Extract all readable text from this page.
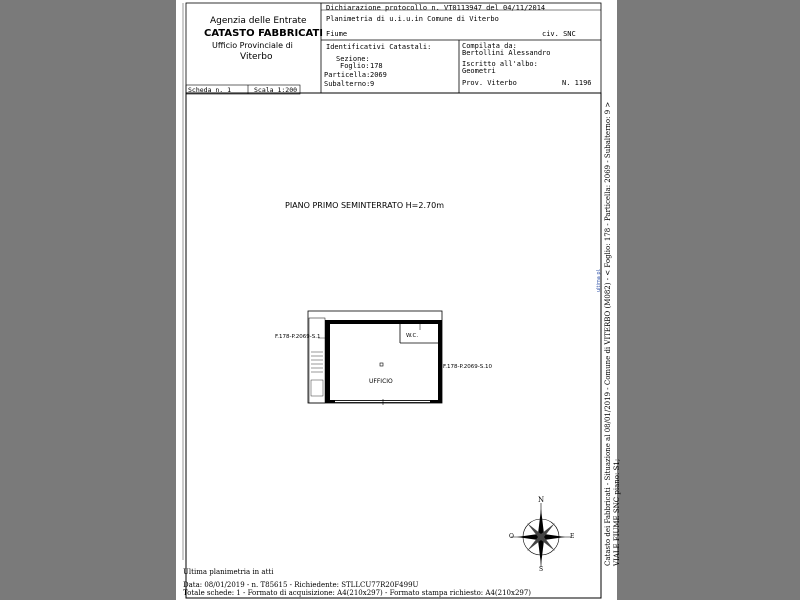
Agenzia delle Entrate
CATASTO FABBRICATI
Ufficio Provinciale di
Viterbo
Dichiarazione protocollo n. VT0113947 del 04/11/2014
Planimetria di u.i.u.in Comune di Viterbo
Fiume	civ. SNC
Identificativi Catastali:
Sezione:
Foglio: 178
Particella: 2069
Subalterno: 9
Compilata da:
Bertollini Alessandro
Iscritto all'albo:
Geometri
Prov. Viterbo	N. 1196
Scheda n. 1	Scala 1:200
PIANO PRIMO SEMINTERRATO H=2.70m
F.178-P.2069-S.1
F.178-P.2069-S.10
W.C.
UFFICIO
N
S
E
O
Ultima planimetria in atti
Data: 08/01/2019 - n. T85615 - Richiedente: STLLCU77R20F499U
Totale schede: 1 - Formato di acquisizione: A4(210x297) - Formato stampa richiesto: A4(210x297)
Catasto dei Fabbricati - Situazione al 08/01/2019 - Comune di VITERBO (M082) - < Foglio: 178 - Particella: 2069 - Subalterno: 9 > VIALE FIUME SNC piano: S1;
ultima pl.
